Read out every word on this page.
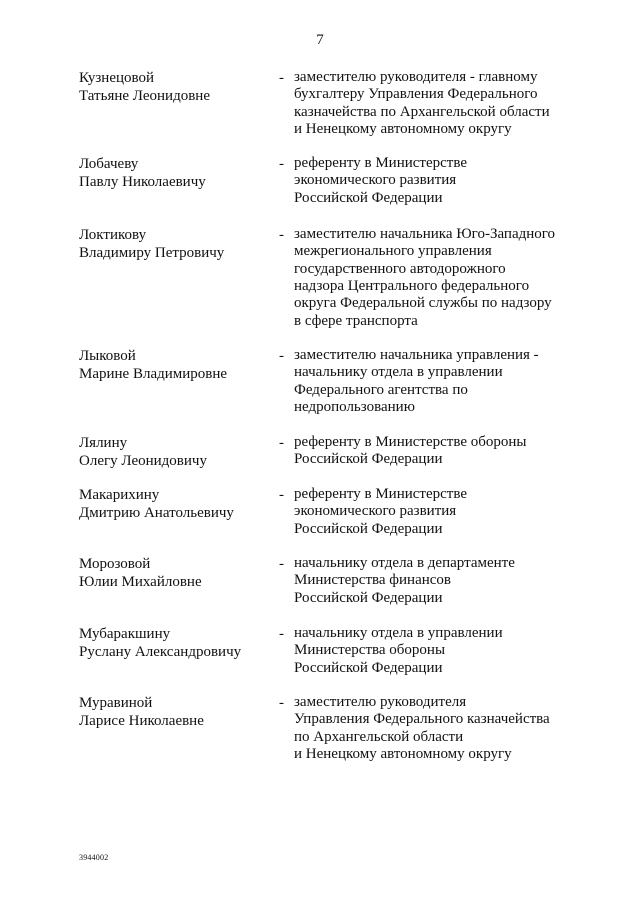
7
Кузнецовой
Татьяне Леонидовне
- заместителю руководителя - главному
бухгалтеру Управления Федерального
казначейства по Архангельской области
и Ненецкому автономному округу
Лобачеву
Павлу Николаевичу
- референту в Министерстве
экономического развития
Российской Федерации
Локтикову
Владимиру Петровичу
- заместителю начальника Юго-Западного
межрегионального управления
государственного автодорожного
надзора Центрального федерального
округа Федеральной службы по надзору
в сфере транспорта
Лыковой
Марине Владимировне
- заместителю начальника управления -
начальнику отдела в управлении
Федерального агентства по
недропользованию
Лялину
Олегу Леонидовичу
- референту в Министерстве обороны
Российской Федерации
Макарихину
Дмитрию Анатольевичу
- референту в Министерстве
экономического развития
Российской Федерации
Морозовой
Юлии Михайловне
- начальнику отдела в департаменте
Министерства финансов
Российской Федерации
Мубаракшину
Руслану Александровичу
- начальнику отдела в управлении
Министерства обороны
Российской Федерации
Муравиной
Ларисе Николаевне
- заместителю руководителя
Управления Федерального казначейства
по Архангельской области
и Ненецкому автономному округу
3944002
